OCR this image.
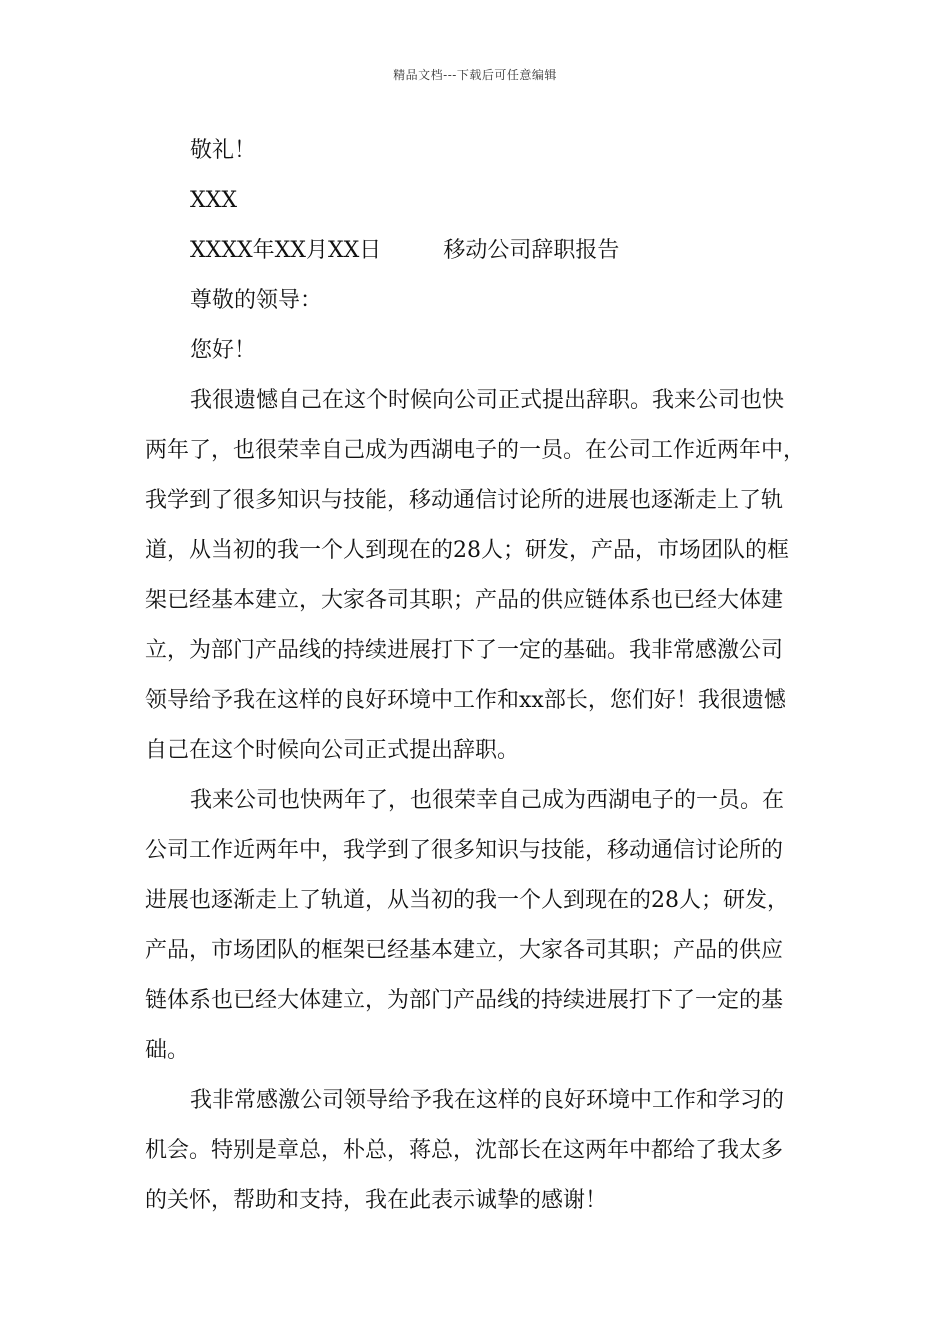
精品文档---下载后可任意编辑
敬礼！
XXX
XXXX年XX月XX日	移动公司辞职报告
尊敬的领导：
您好！
我很遗憾自己在这个时候向公司正式提出辞职。我来公司也快
两年了，也很荣幸自己成为西湖电子的一员。在公司工作近两年中，
我学到了很多知识与技能，移动通信讨论所的进展也逐渐走上了轨
道，从当初的我一个人到现在的28人；研发，产品，市场团队的框
架已经基本建立，大家各司其职；产品的供应链体系也已经大体建
立，为部门产品线的持续进展打下了一定的基础。我非常感激公司
领导给予我在这样的良好环境中工作和xx部长，您们好！我很遗憾
自己在这个时候向公司正式提出辞职。
我来公司也快两年了，也很荣幸自己成为西湖电子的一员。在
公司工作近两年中，我学到了很多知识与技能，移动通信讨论所的
进展也逐渐走上了轨道，从当初的我一个人到现在的28人；研发，
产品，市场团队的框架已经基本建立，大家各司其职；产品的供应
链体系也已经大体建立，为部门产品线的持续进展打下了一定的基
础。
我非常感激公司领导给予我在这样的良好环境中工作和学习的
机会。特别是章总，朴总，蒋总，沈部长在这两年中都给了我太多
的关怀，帮助和支持，我在此表示诚挚的感谢！
